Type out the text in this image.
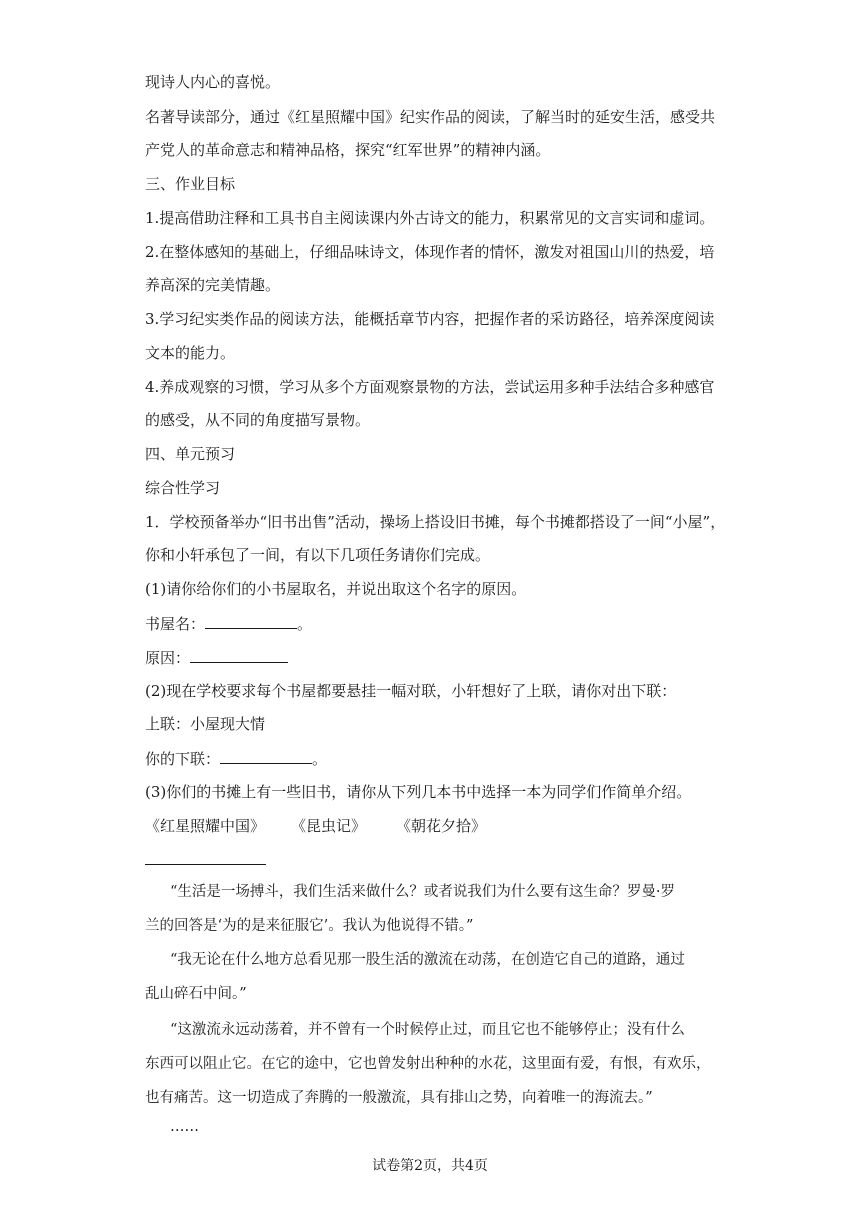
现诗人内心的喜悦。
名著导读部分，通过《红星照耀中国》纪实作品的阅读，了解当时的延安生活，感受共
产党人的革命意志和精神品格，探究“红军世界”的精神内涵。
三、作业目标
1.提高借助注释和工具书自主阅读课内外古诗文的能力，积累常见的文言实词和虚词。
2.在整体感知的基础上，仔细品味诗文，体现作者的情怀，激发对祖国山川的热爱，培
养高深的完美情趣。
3.学习纪实类作品的阅读方法，能概括章节内容，把握作者的采访路径，培养深度阅读
文本的能力。
4.养成观察的习惯，学习从多个方面观察景物的方法，尝试运用多种手法结合多种感官
的感受，从不同的角度描写景物。
四、单元预习
综合性学习
1．学校预备举办“旧书出售”活动，操场上搭设旧书摊，每个书摊都搭设了一间“小屋”，
你和小轩承包了一间，有以下几项任务请你们完成。
(1)请你给你们的小书屋取名，并说出取这个名字的原因。
书屋名：	。
原因：
(2)现在学校要求每个书屋都要悬挂一幅对联，小轩想好了上联，请你对出下联：
上联：小屋现大情
你的下联：	。
(3)你们的书摊上有一些旧书，请你从下列几本书中选择一本为同学们作简单介绍。
《红星照耀中国》 《昆虫记》 《朝花夕拾》
“生活是一场搏斗，我们生活来做什么？或者说我们为什么要有这生命？罗曼·罗
兰的回答是‘为的是来征服它’。我认为他说得不错。”
“我无论在什么地方总看见那一股生活的激流在动荡，在创造它自己的道路，通过
乱山碎石中间。”
“这激流永远动荡着，并不曾有一个时候停止过，而且它也不能够停止；没有什么
东西可以阻止它。在它的途中，它也曾发射出种种的水花，这里面有爱，有恨，有欢乐，
也有痛苦。这一切造成了奔腾的一般激流，具有排山之势，向着唯一的海流去。”
……
试卷第2页，共4页
